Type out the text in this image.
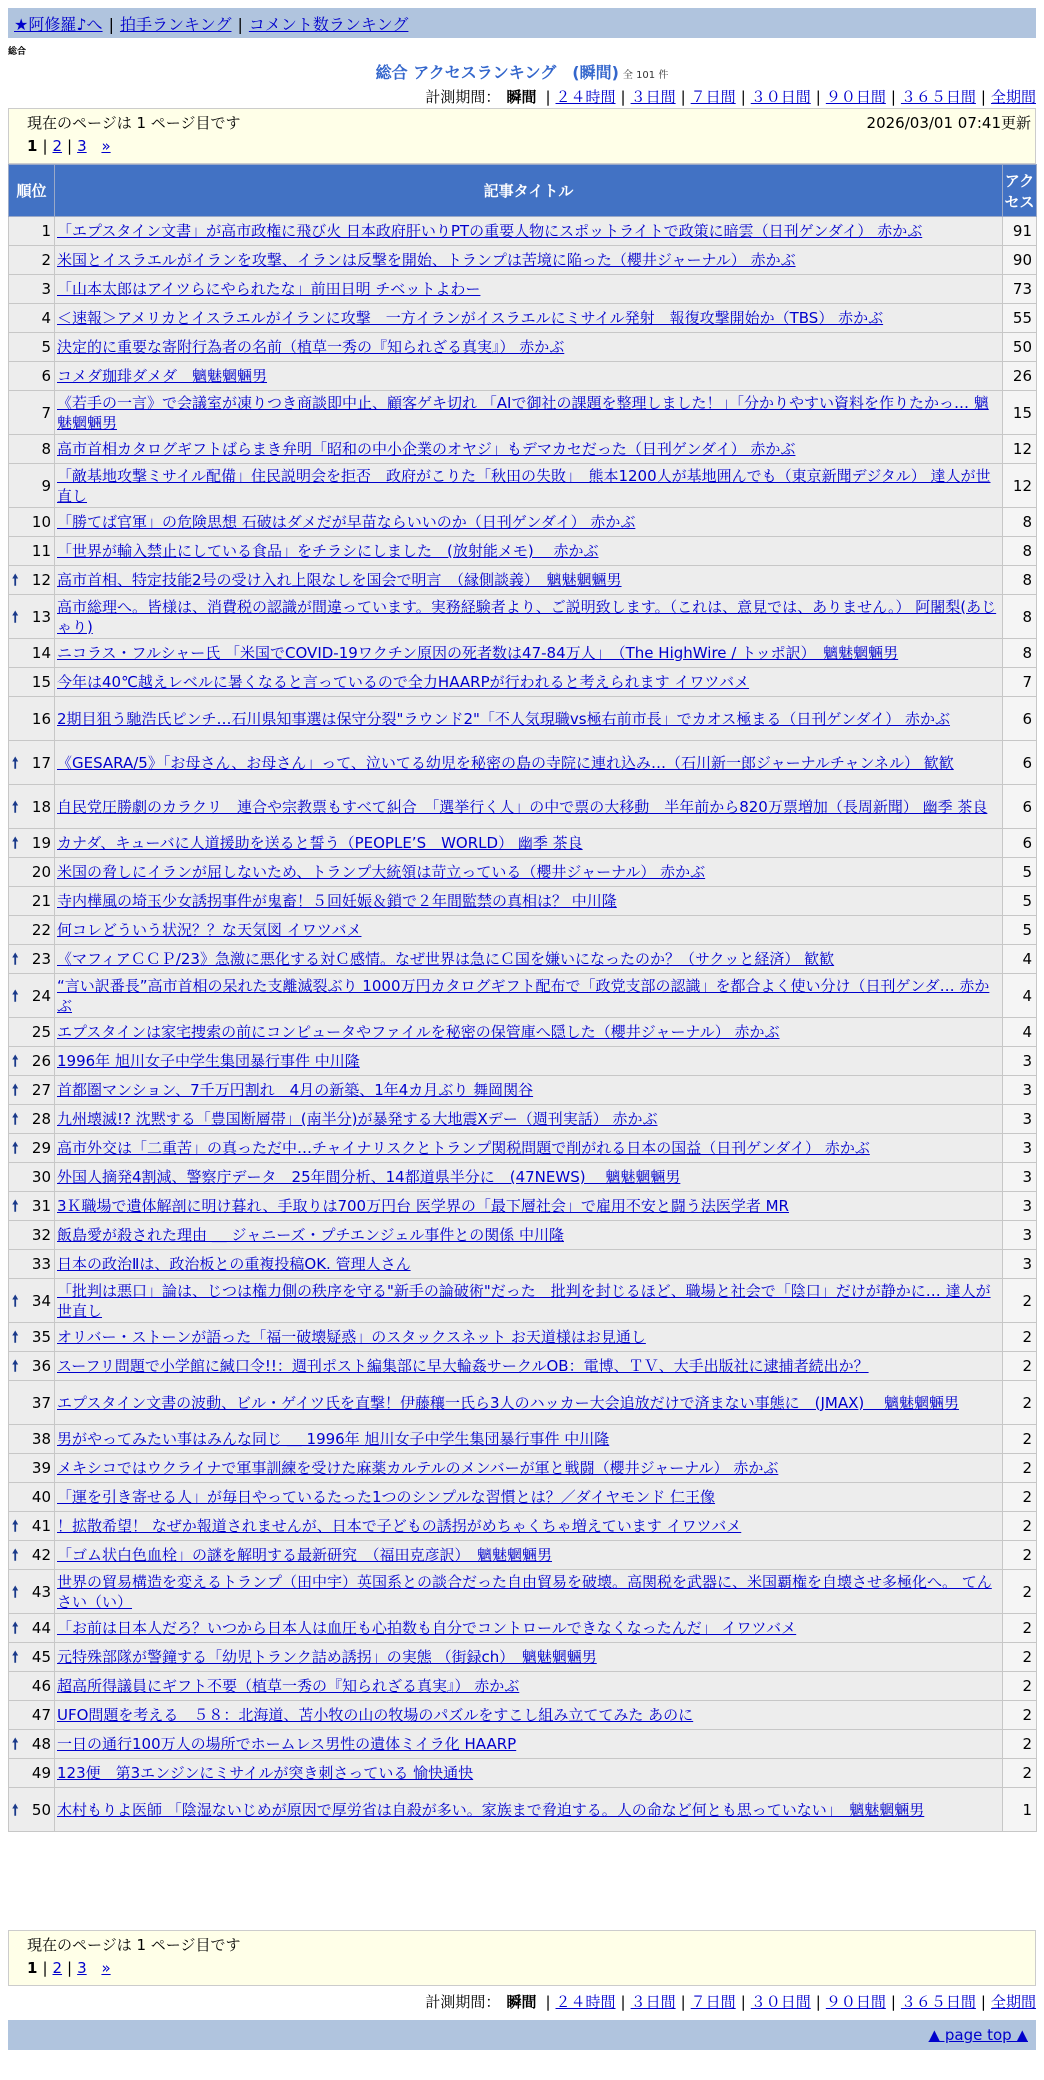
★阿修羅♪へ | 拍手ランキング | コメント数ランキング
総合
総合 アクセスランキング　(瞬間) 全 101 件
計測期間： 瞬間 | ２４時間 | ３日間 | ７日間 | ３０日間 | ９０日間 | ３６５日間 | 全期間
現在のページは 1 ページ目です	2026/03/01 07:41更新
1 | 2 | 3 »
順位	記事タイトル	アクセス
1	「エプスタイン文書」が高市政権に飛び火 日本政府肝いりPTの重要人物にスポットライトで政策に暗雲（日刊ゲンダイ） 赤かぶ	91
2	米国とイスラエルがイランを攻撃、イランは反撃を開始、トランプは苦境に陥った（櫻井ジャーナル） 赤かぶ	90
3	「山本太郎はアイツらにやられたな」前田日明 チベットよわー	73
4	＜速報＞アメリカとイスラエルがイランに攻撃　一方イランがイスラエルにミサイル発射　報復攻撃開始か（TBS） 赤かぶ	55
5	決定的に重要な寄附行為者の名前（植草一秀の『知られざる真実』） 赤かぶ	50
6	コメダ珈琲ダメダ　魑魅魍魎男	26
7	《若手の一言》で会議室が凍りつき商談即中止、顧客ゲキ切れ 「AIで御社の課題を整理しました！」「分かりやすい資料を作りたかっ… 魑魅魍魎男	15
8	高市首相カタログギフトばらまき弁明「昭和の中小企業のオヤジ」もデマカセだった（日刊ゲンダイ） 赤かぶ	12
9	「敵基地攻撃ミサイル配備」住民説明会を拒否　政府がこりた「秋田の失敗」　熊本1200人が基地囲んでも（東京新聞デジタル） 達人が世直し	12
10	「勝てば官軍」の危険思想 石破はダメだが早苗ならいいのか（日刊ゲンダイ） 赤かぶ	8
11	「世界が輸入禁止にしている食品」をチラシにしました　(放射能メモ)　 赤かぶ	8

🠕 12	高市首相、特定技能2号の受け入れ上限なしを国会で明言　（縁側談義）　魑魅魍魎男	8

🠕 13	高市総理へ。皆様は、消費税の認識が間違っています。実務経験者より、ご説明致します。（これは、意見では、ありません。） 阿闍梨(あじゃり)	8
14	ニコラス・フルシャー氏 「米国でCOVID-19ワクチン原因の死者数は47-84万人」　（The HighWire / トッポ訳）　魑魅魍魎男	8
15	今年は40℃越えレベルに暑くなると言っているので全力HAARPが行われると考えられます イワツバメ	7
16	2期目狙う馳浩氏ピンチ…石川県知事選は保守分裂"ラウンド2"「不人気現職vs極右前市長」でカオス極まる（日刊ゲンダイ） 赤かぶ	6

🠕 17	《GESARA/5》「お母さん、お母さん」って、泣いてる幼児を秘密の島の寺院に連れ込み…（石川新一郎ジャーナルチャンネル） 歓歓	6

🠕 18	自民党圧勝劇のカラクリ　連合や宗教票もすべて糾合　「選挙行く人」の中で票の大移動　半年前から820万票増加（長周新聞） 幽季 茶良	6

🠕 19	カナダ、キューバに人道援助を送ると誓う（PEOPLE’S　WORLD） 幽季 茶良	6
20	米国の脅しにイランが屈しないため、トランプ大統領は苛立っている（櫻井ジャーナル） 赤かぶ	5
21	寺内樺風の埼玉少女誘拐事件が鬼畜！５回妊娠＆鎖で２年間監禁の真相は？ 中川隆	5
22	何コレどういう状況？？な天気図 イワツバメ	5

🠕 23	《マフィアＣＣＰ/23》急激に悪化する対Ｃ感情。なぜ世界は急にＣ国を嫌いになったのか？（サクッと経済） 歓歓	4

🠕 24	“言い訳番長”高市首相の呆れた支離滅裂ぶり 1000万円カタログギフト配布で「政党支部の認識」を都合よく使い分け（日刊ゲンダ… 赤かぶ	4
25	エプスタインは家宅捜索の前にコンピュータやファイルを秘密の保管庫へ隠した（櫻井ジャーナル） 赤かぶ	4

🠕 26	1996年 旭川女子中学生集団暴行事件 中川隆	3

🠕 27	首都圏マンション、7千万円割れ　4月の新築、1年4カ月ぶり 舞岡関谷	3

🠕 28	九州壊滅!? 沈黙する「豊国断層帯」(南半分)が暴発する大地震Xデー（週刊実話） 赤かぶ	3

🠕 29	高市外交は「二重苦」の真っただ中…チャイナリスクとトランプ関税問題で削がれる日本の国益（日刊ゲンダイ） 赤かぶ	3
30	外国人摘発4割減、警察庁データ　25年間分析、14都道県半分に　(47NEWS)　 魑魅魍魎男	3

🠕 31	3Ｋ職場で遺体解剖に明け暮れ、手取りは700万円台 医学界の「最下層社会」で雇用不安と闘う法医学者 MR	3
32	飯島愛が殺された理由 ＿ ジャニーズ・プチエンジェル事件との関係 中川隆	3
33	日本の政治Ⅱは、政治板との重複投稿OK. 管理人さん	3

🠕 34	「批判は悪口」論は、じつは権力側の秩序を守る"新手の論破術"だった　批判を封じるほど、職場と社会で「陰口」だけが静かに… 達人が世直し	2

🠕 35	オリバー・ストーンが語った「福一破壊疑惑」のスタックスネット お天道様はお見通し	2

🠕 36	スーフリ問題で小学館に緘口令!!：週刊ポスト編集部に早大輪姦サークルOB：電博、ＴＶ、大手出版社に逮捕者続出か？	2
37	エプスタイン文書の波動、ビル・ゲイツ氏を直撃！伊藤穰一氏ら3人のハッカー大会追放だけで済まない事態に　(JMAX)　 魑魅魍魎男	2
38	男がやってみたい事はみんな同じ ＿ 1996年 旭川女子中学生集団暴行事件 中川隆	2
39	メキシコではウクライナで軍事訓練を受けた麻薬カルテルのメンバーが軍と戦闘（櫻井ジャーナル） 赤かぶ	2
40	「運を引き寄せる人」が毎日やっているたった1つのシンプルな習慣とは？／ダイヤモンド 仁王像	2

🠕 41	！拡散希望！ なぜか報道されませんが、日本で子どもの誘拐がめちゃくちゃ増えています イワツバメ	2

🠕 42	「ゴム状白色血栓」の謎を解明する最新研究　（福田克彦訳）　魑魅魍魎男	2

🠕 43	世界の貿易構造を変えるトランプ（田中宇）英国系との談合だった自由貿易を破壊。高関税を武器に、米国覇権を自壊させ多極化へ。 てんさい（い）	2

🠕 44	「お前は日本人だろ？いつから日本人は血圧も心拍数も自分でコントロールできなくなったんだ」 イワツバメ	2

🠕 45	元特殊部隊が警鐘する「幼児トランク詰め誘拐」の実態 （街録ch）　魑魅魍魎男	2
46	超高所得議員にギフト不要（植草一秀の『知られざる真実』） 赤かぶ	2
47	UFO問題を考える　５８：北海道、苫小牧の山の牧場のパズルをすこし組み立ててみた あのに	2

🠕 48	一日の通行100万人の場所でホームレス男性の遺体ミイラ化 HAARP	2
49	123便　第3エンジンにミサイルが突き刺さっている 愉快通快	2

🠕 50	木村もりよ医師 「陰湿ないじめが原因で厚労省は自殺が多い。家族まで脅迫する。人の命など何とも思っていない」　魑魅魍魎男	1
現在のページは 1 ページ目です
1 | 2 | 3 »
計測期間： 瞬間 | ２４時間 | ３日間 | ７日間 | ３０日間 | ９０日間 | ３６５日間 | 全期間
▲ page top ▲
